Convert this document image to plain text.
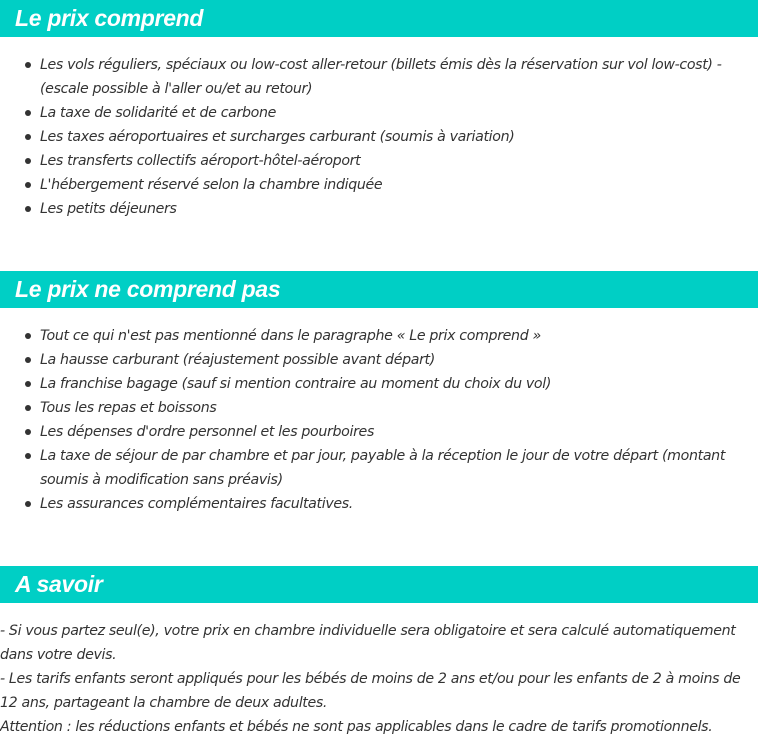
Le prix comprend
Les vols réguliers, spéciaux ou low-cost aller-retour (billets émis dès la réservation sur vol low-cost) - (escale possible à l'aller ou/et au retour)
La taxe de solidarité et de carbone
Les taxes aéroportuaires et surcharges carburant (soumis à variation)
Les transferts collectifs aéroport-hôtel-aéroport
L'hébergement réservé selon la chambre indiquée
Les petits déjeuners
Le prix ne comprend pas
Tout ce qui n'est pas mentionné dans le paragraphe « Le prix comprend »
La hausse carburant (réajustement possible avant départ)
La franchise bagage (sauf si mention contraire au moment du choix du vol)
Tous les repas et boissons
Les dépenses d'ordre personnel et les pourboires
La taxe de séjour de par chambre et par jour, payable à la réception le jour de votre départ (montant soumis à modification sans préavis)
Les assurances complémentaires facultatives.
A savoir

- Si vous partez seul(e), votre prix en chambre individuelle sera obligatoire et sera calculé automatiquement dans votre devis.

- Les tarifs enfants seront appliqués pour les bébés de moins de 2 ans et/ou pour les enfants de 2 à moins de 12 ans, partageant la chambre de deux adultes.

Attention : les réductions enfants et bébés ne sont pas applicables dans le cadre de tarifs promotionnels.
